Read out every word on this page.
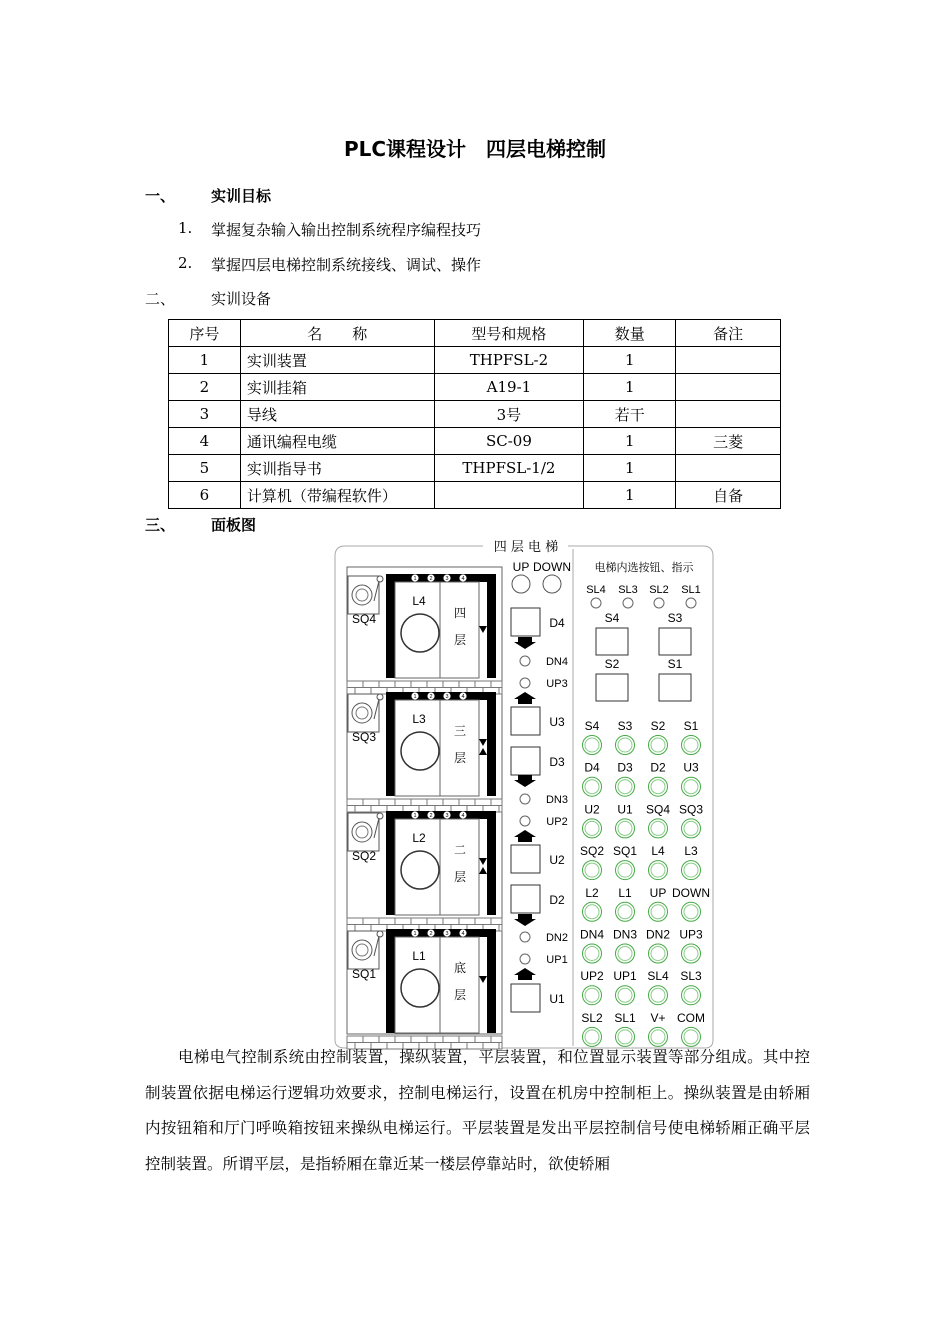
PLC课程设计　四层电梯控制
一、 实训目标
1. 掌握复杂输入输出控制系统程序编程技巧
2. 掌握四层电梯控制系统接线、调试、操作
二、 实训设备
序号	名　　称	型号和规格	数量	备注
1	实训装置	THPFSL-2	1	
2	实训挂箱	A19-1	1	
3	导线	3号	若干	
4	通讯编程电缆	SC-09	1	三菱
5	实训指导书	THPFSL-1/2	1	
6	计算机（带编程软件）		1	自备
三、 面板图
四 层 电 梯
SQ4
1 2 3 4
L4
四
层
SQ3
1 2 3 4
L3
三
层
SQ2
1 2 3 4
L2
二
层
SQ1
1 2 3 4
L1
底
层
UP DOWN
D4
DN4
UP3
U3
D3
DN3
UP2
U2
D2
DN2
UP1
U1
电梯内选按钮、指示
SL4 SL3 SL2 SL1
S4	S3
S2	S1
S4 S3 S2 S1
D4 D3 D2 U3
U2 U1 SQ4 SQ3
SQ2 SQ1 L4 L3
L2 L1 UP DOWN
DN4 DN3 DN2 UP3
UP2 UP1 SL4 SL3
SL2 SL1 V+ COM
电梯电气控制系统由控制装置，操纵装置，平层装置，和位置显示装置等部分组成。其中控制装置依据电梯运行逻辑功效要求，控制电梯运行，设置在机房中控制柜上。操纵装置是由轿厢内按钮箱和厅门呼唤箱按钮来操纵电梯运行。平层装置是发出平层控制信号使电梯轿厢正确平层控制装置。所谓平层，是指轿厢在靠近某一楼层停靠站时，欲使轿厢
